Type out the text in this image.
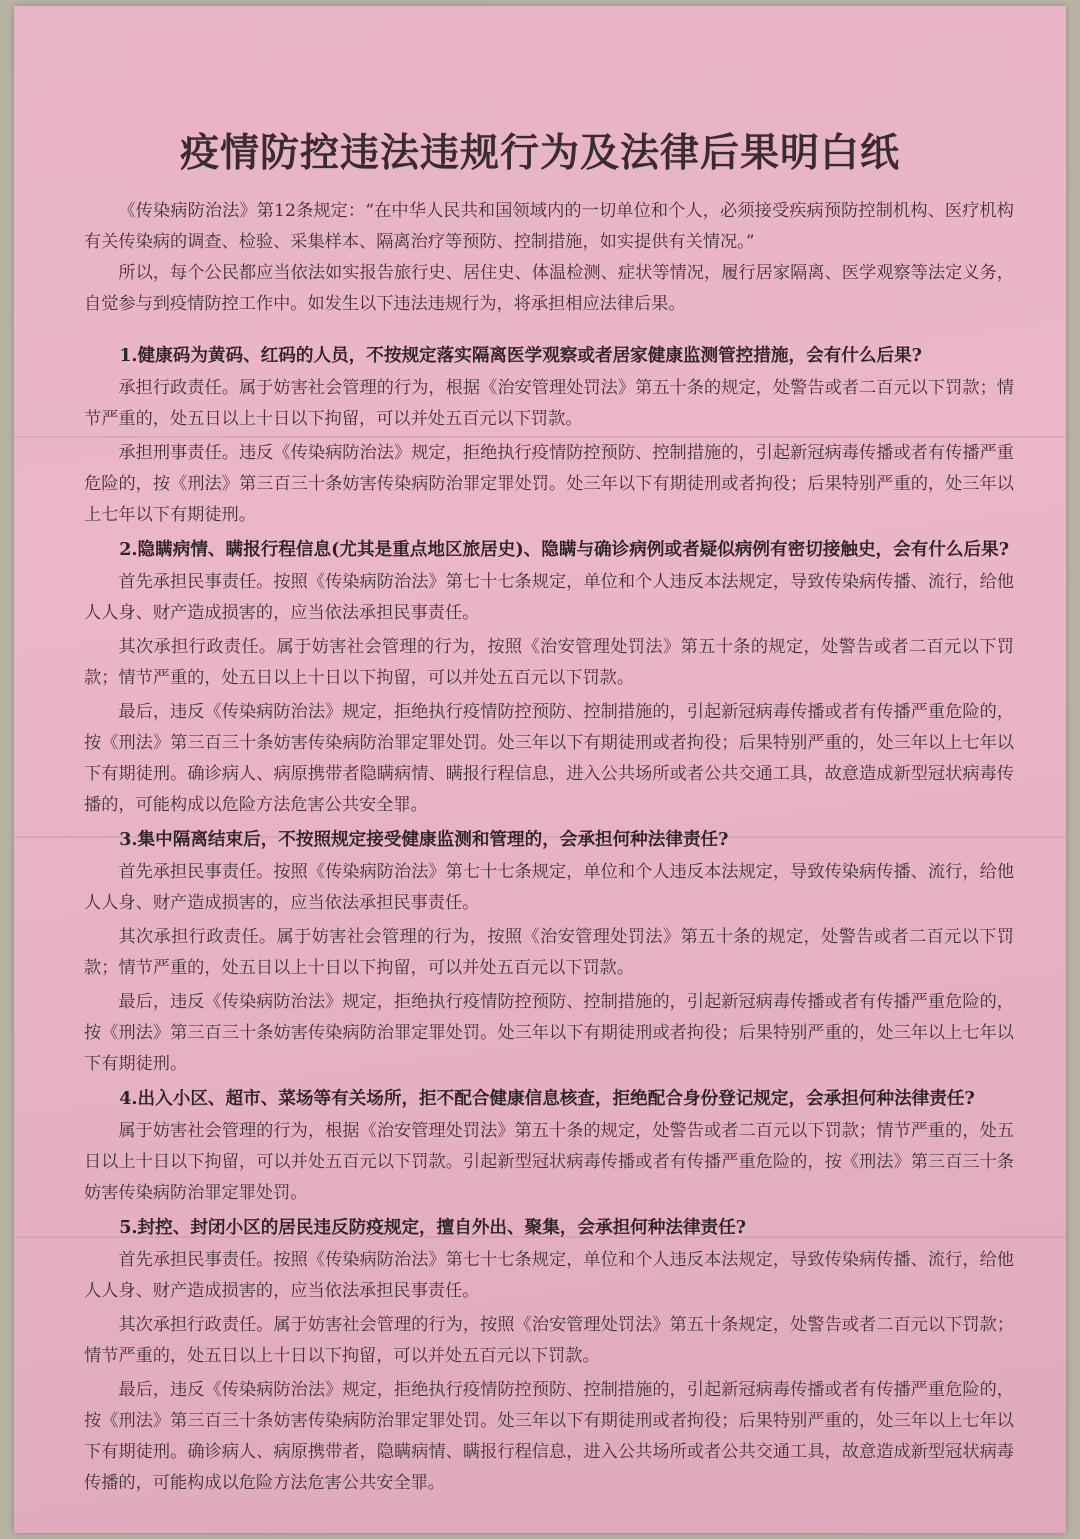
疫情防控违法违规行为及法律后果明白纸

《传染病防治法》第12条规定：“在中华人民共和国领域内的一切单位和个人，必须接受疾病预防控制机构、医疗机构有关传染病的调查、检验、采集样本、隔离治疗等预防、控制措施，如实提供有关情况。”

所以，每个公民都应当依法如实报告旅行史、居住史、体温检测、症状等情况，履行居家隔离、医学观察等法定义务，自觉参与到疫情防控工作中。如发生以下违法违规行为，将承担相应法律后果。

1.健康码为黄码、红码的人员，不按规定落实隔离医学观察或者居家健康监测管控措施，会有什么后果?

承担行政责任。属于妨害社会管理的行为，根据《治安管理处罚法》第五十条的规定，处警告或者二百元以下罚款；情节严重的，处五日以上十日以下拘留，可以并处五百元以下罚款。

承担刑事责任。违反《传染病防治法》规定，拒绝执行疫情防控预防、控制措施的，引起新冠病毒传播或者有传播严重危险的，按《刑法》第三百三十条妨害传染病防治罪定罪处罚。处三年以下有期徒刑或者拘役；后果特别严重的，处三年以上七年以下有期徒刑。

2.隐瞒病情、瞒报行程信息(尤其是重点地区旅居史)、隐瞒与确诊病例或者疑似病例有密切接触史，会有什么后果?

首先承担民事责任。按照《传染病防治法》第七十七条规定，单位和个人违反本法规定，导致传染病传播、流行，给他人人身、财产造成损害的，应当依法承担民事责任。

其次承担行政责任。属于妨害社会管理的行为，按照《治安管理处罚法》第五十条的规定，处警告或者二百元以下罚款；情节严重的，处五日以上十日以下拘留，可以并处五百元以下罚款。

最后，违反《传染病防治法》规定，拒绝执行疫情防控预防、控制措施的，引起新冠病毒传播或者有传播严重危险的，按《刑法》第三百三十条妨害传染病防治罪定罪处罚。处三年以下有期徒刑或者拘役；后果特别严重的，处三年以上七年以下有期徒刑。确诊病人、病原携带者隐瞒病情、瞒报行程信息，进入公共场所或者公共交通工具，故意造成新型冠状病毒传播的，可能构成以危险方法危害公共安全罪。

3.集中隔离结束后，不按照规定接受健康监测和管理的，会承担何种法律责任?

首先承担民事责任。按照《传染病防治法》第七十七条规定，单位和个人违反本法规定，导致传染病传播、流行，给他人人身、财产造成损害的，应当依法承担民事责任。

其次承担行政责任。属于妨害社会管理的行为，按照《治安管理处罚法》第五十条的规定，处警告或者二百元以下罚款；情节严重的，处五日以上十日以下拘留，可以并处五百元以下罚款。

最后，违反《传染病防治法》规定，拒绝执行疫情防控预防、控制措施的，引起新冠病毒传播或者有传播严重危险的，按《刑法》第三百三十条妨害传染病防治罪定罪处罚。处三年以下有期徒刑或者拘役；后果特别严重的，处三年以上七年以下有期徒刑。

4.出入小区、超市、菜场等有关场所，拒不配合健康信息核查，拒绝配合身份登记规定，会承担何种法律责任?

属于妨害社会管理的行为，根据《治安管理处罚法》第五十条的规定，处警告或者二百元以下罚款；情节严重的，处五日以上十日以下拘留，可以并处五百元以下罚款。引起新型冠状病毒传播或者有传播严重危险的，按《刑法》第三百三十条妨害传染病防治罪定罪处罚。

5.封控、封闭小区的居民违反防疫规定，擅自外出、聚集，会承担何种法律责任?

首先承担民事责任。按照《传染病防治法》第七十七条规定，单位和个人违反本法规定，导致传染病传播、流行，给他人人身、财产造成损害的，应当依法承担民事责任。

其次承担行政责任。属于妨害社会管理的行为，按照《治安管理处罚法》第五十条规定，处警告或者二百元以下罚款；情节严重的，处五日以上十日以下拘留，可以并处五百元以下罚款。

最后，违反《传染病防治法》规定，拒绝执行疫情防控预防、控制措施的，引起新冠病毒传播或者有传播严重危险的，按《刑法》第三百三十条妨害传染病防治罪定罪处罚。处三年以下有期徒刑或者拘役；后果特别严重的，处三年以上七年以下有期徒刑。确诊病人、病原携带者，隐瞒病情、瞒报行程信息，进入公共场所或者公共交通工具，故意造成新型冠状病毒传播的，可能构成以危险方法危害公共安全罪。
